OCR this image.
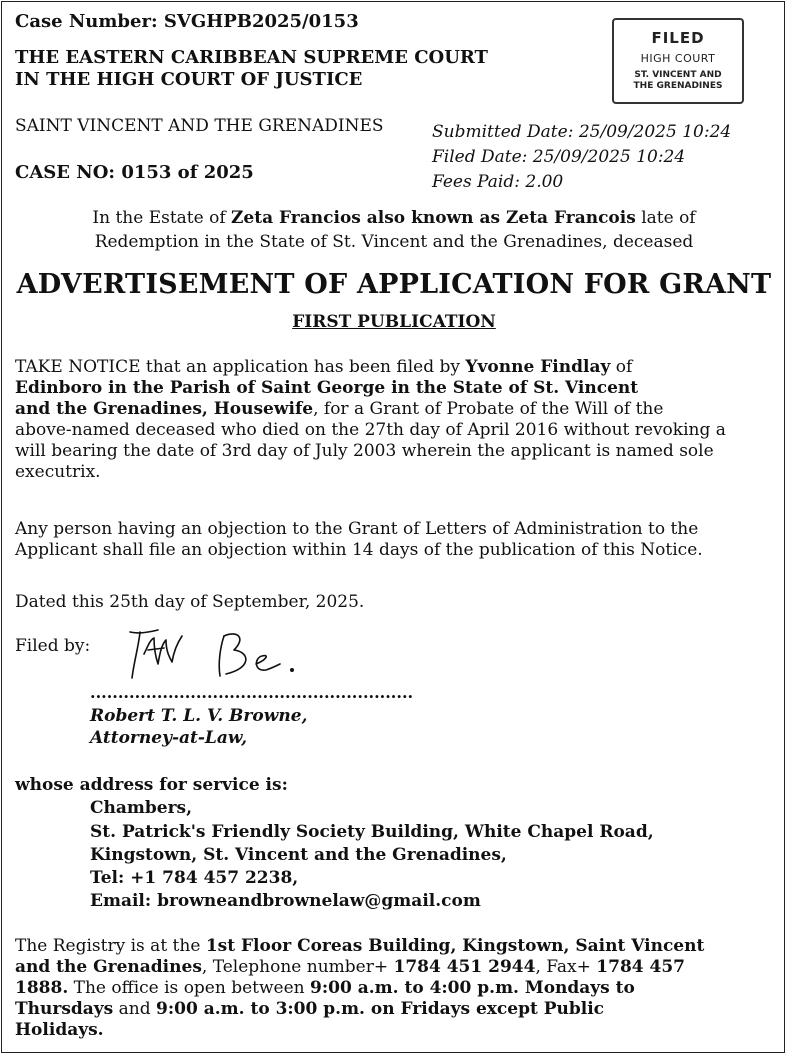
Case Number: SVGHPB2025/0153
THE EASTERN CARIBBEAN SUPREME COURT
IN THE HIGH COURT OF JUSTICE
FILED
HIGH COURT
ST. VINCENT AND
THE GRENADINES
SAINT VINCENT AND THE GRENADINES
CASE NO: 0153 of 2025
Submitted Date: 25/09/2025 10:24
Filed Date: 25/09/2025 10:24
Fees Paid: 2.00
In the Estate of Zeta Francios also known as Zeta Francois late of
Redemption in the State of St. Vincent and the Grenadines, deceased
ADVERTISEMENT OF APPLICATION FOR GRANT
FIRST PUBLICATION
TAKE NOTICE that an application has been filed by Yvonne Findlay of
Edinboro in the Parish of Saint George in the State of St. Vincent
and the Grenadines, Housewife, for a Grant of Probate of the Will of the
above-named deceased who died on the 27th day of April 2016 without revoking a
will bearing the date of 3rd day of July 2003 wherein the applicant is named sole
executrix.
Any person having an objection to the Grant of Letters of Administration to the
Applicant shall file an objection within 14 days of the publication of this Notice.
Dated this 25th day of September, 2025.
Filed by:
..........................................................
Robert T. L. V. Browne,
Attorney-at-Law,
whose address for service is:
Chambers,
St. Patrick's Friendly Society Building, White Chapel Road,
Kingstown, St. Vincent and the Grenadines,
Tel: +1 784 457 2238,
Email: browneandbrownelaw@gmail.com
The Registry is at the 1st Floor Coreas Building, Kingstown, Saint Vincent
and the Grenadines, Telephone number+ 1784 451 2944, Fax+ 1784 457
1888. The office is open between 9:00 a.m. to 4:00 p.m. Mondays to
Thursdays and 9:00 a.m. to 3:00 p.m. on Fridays except Public
Holidays.
